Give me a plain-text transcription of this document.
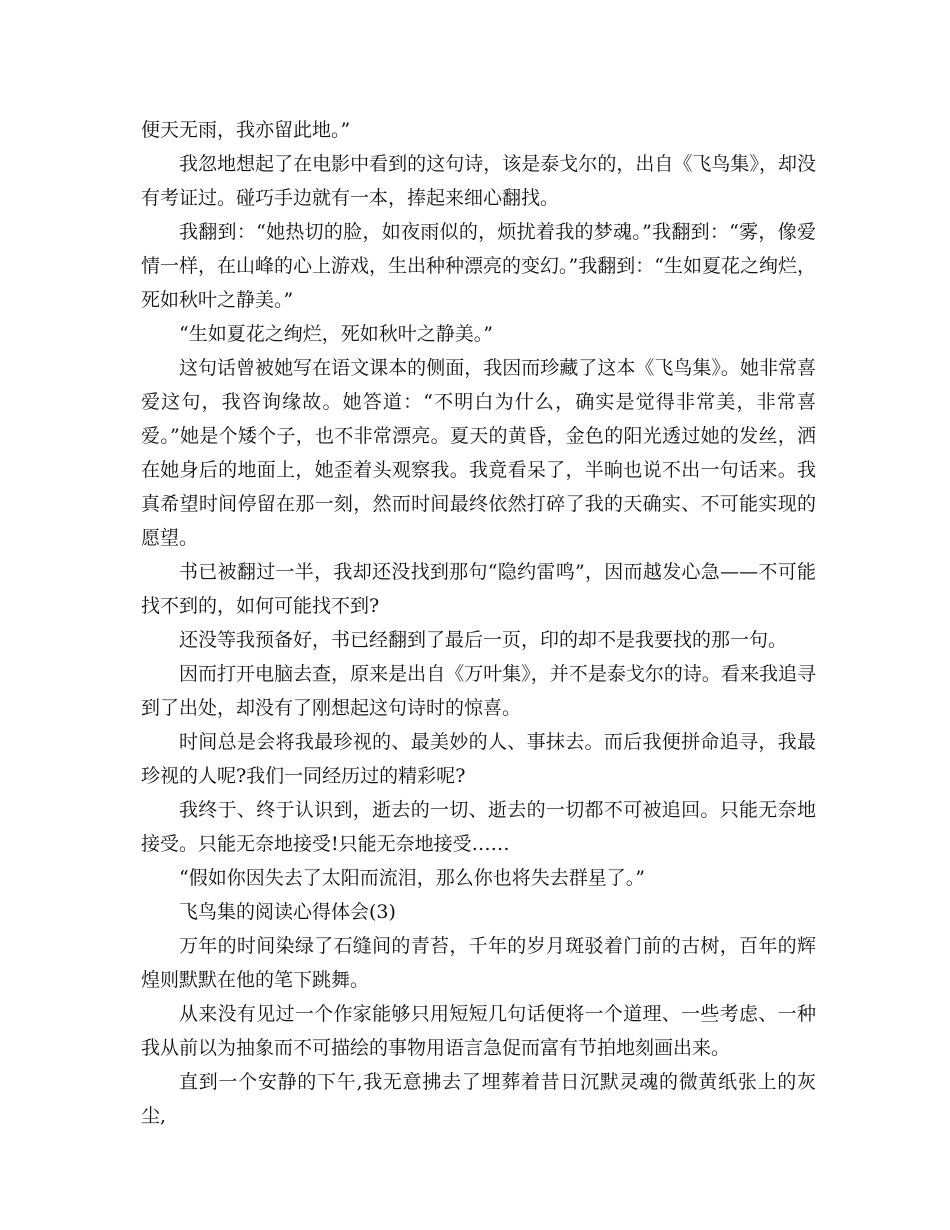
便天无雨，我亦留此地。”

我忽地想起了在电影中看到的这句诗，该是泰戈尔的，出自《飞鸟集》，却没有考证过。碰巧手边就有一本，捧起来细心翻找。

我翻到：“她热切的脸，如夜雨似的，烦扰着我的梦魂。”我翻到：“雾，像爱情一样，在山峰的心上游戏，生出种种漂亮的变幻。”我翻到：“生如夏花之绚烂，死如秋叶之静美。”

“生如夏花之绚烂，死如秋叶之静美。”

这句话曾被她写在语文课本的侧面，我因而珍藏了这本《飞鸟集》。她非常喜爱这句，我咨询缘故。她答道：“不明白为什么，确实是觉得非常美，非常喜爱。”她是个矮个子，也不非常漂亮。夏天的黄昏，金色的阳光透过她的发丝，洒在她身后的地面上，她歪着头观察我。我竟看呆了，半晌也说不出一句话来。我真希望时间停留在那一刻，然而时间最终依然打碎了我的天确实、不可能实现的愿望。

书已被翻过一半，我却还没找到那句“隐约雷鸣”，因而越发心急——不可能找不到的，如何可能找不到?

还没等我预备好，书已经翻到了最后一页，印的却不是我要找的那一句。

因而打开电脑去查，原来是出自《万叶集》，并不是泰戈尔的诗。看来我追寻到了出处，却没有了刚想起这句诗时的惊喜。

时间总是会将我最珍视的、最美妙的人、事抹去。而后我便拼命追寻，我最珍视的人呢?我们一同经历过的精彩呢?

我终于、终于认识到，逝去的一切、逝去的一切都不可被追回。只能无奈地接受。只能无奈地接受!只能无奈地接受……

“假如你因失去了太阳而流泪，那么你也将失去群星了。”

飞鸟集的阅读心得体会(3)

万年的时间染绿了石缝间的青苔，千年的岁月斑驳着门前的古树，百年的辉煌则默默在他的笔下跳舞。

从来没有见过一个作家能够只用短短几句话便将一个道理、一些考虑、一种我从前以为抽象而不可描绘的事物用语言急促而富有节拍地刻画出来。

直到一个安静的下午,我无意拂去了埋葬着昔日沉默灵魂的微黄纸张上的灰尘,
